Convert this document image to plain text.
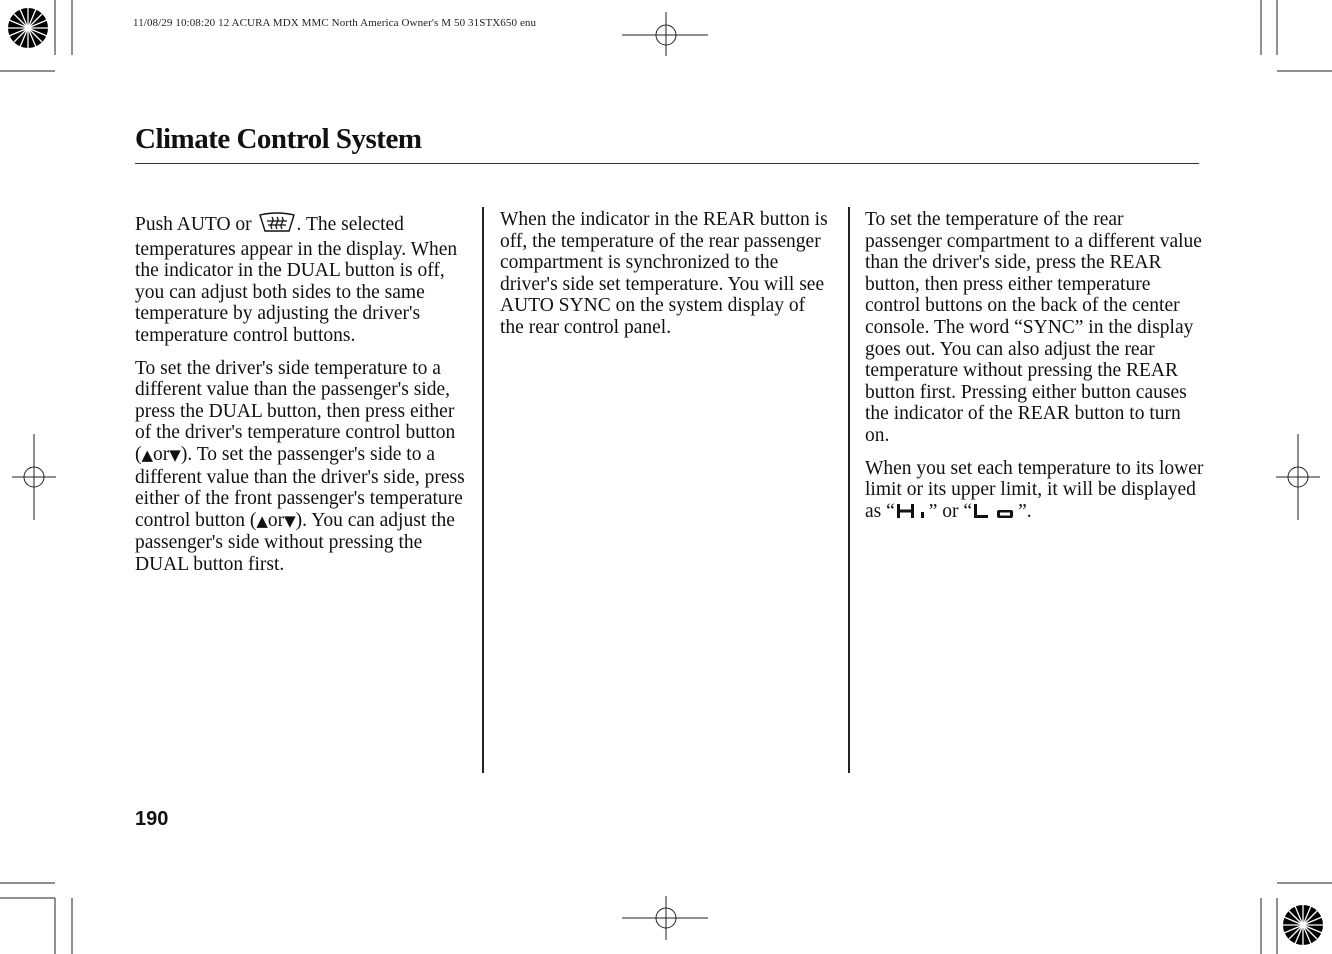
11/08/29 10:08:20 12 ACURA MDX MMC North America Owner's M 50 31STX650 enu
Climate Control System

Push AUTO or . The selected temperatures appear in the display. When the indicator in the DUAL button is off, you can adjust both sides to the same temperature by adjusting the driver's temperature control buttons.

To set the driver's side temperature to a different value than the passenger's side, press the DUAL button, then press either of the driver's temperature control button (▲or▼). To set the passenger's side to a different value than the driver's side, press either of the front passenger's temperature control button (▲or▼). You can adjust the passenger's side without pressing the DUAL button first.

When the indicator in the REAR button is off, the temperature of the rear passenger compartment is synchronized to the driver's side set temperature. You will see AUTO SYNC on the system display of the rear control panel.

To set the temperature of the rear passenger compartment to a different value than the driver's side, press the REAR button, then press either temperature control buttons on the back of the center console. The word “SYNC” in the display goes out. You can also adjust the rear temperature without pressing the REAR button first. Pressing either button causes the indicator of the REAR button to turn on.

When you set each temperature to its lower limit or its upper limit, it will be displayed as “ ” or “ ”.

190
